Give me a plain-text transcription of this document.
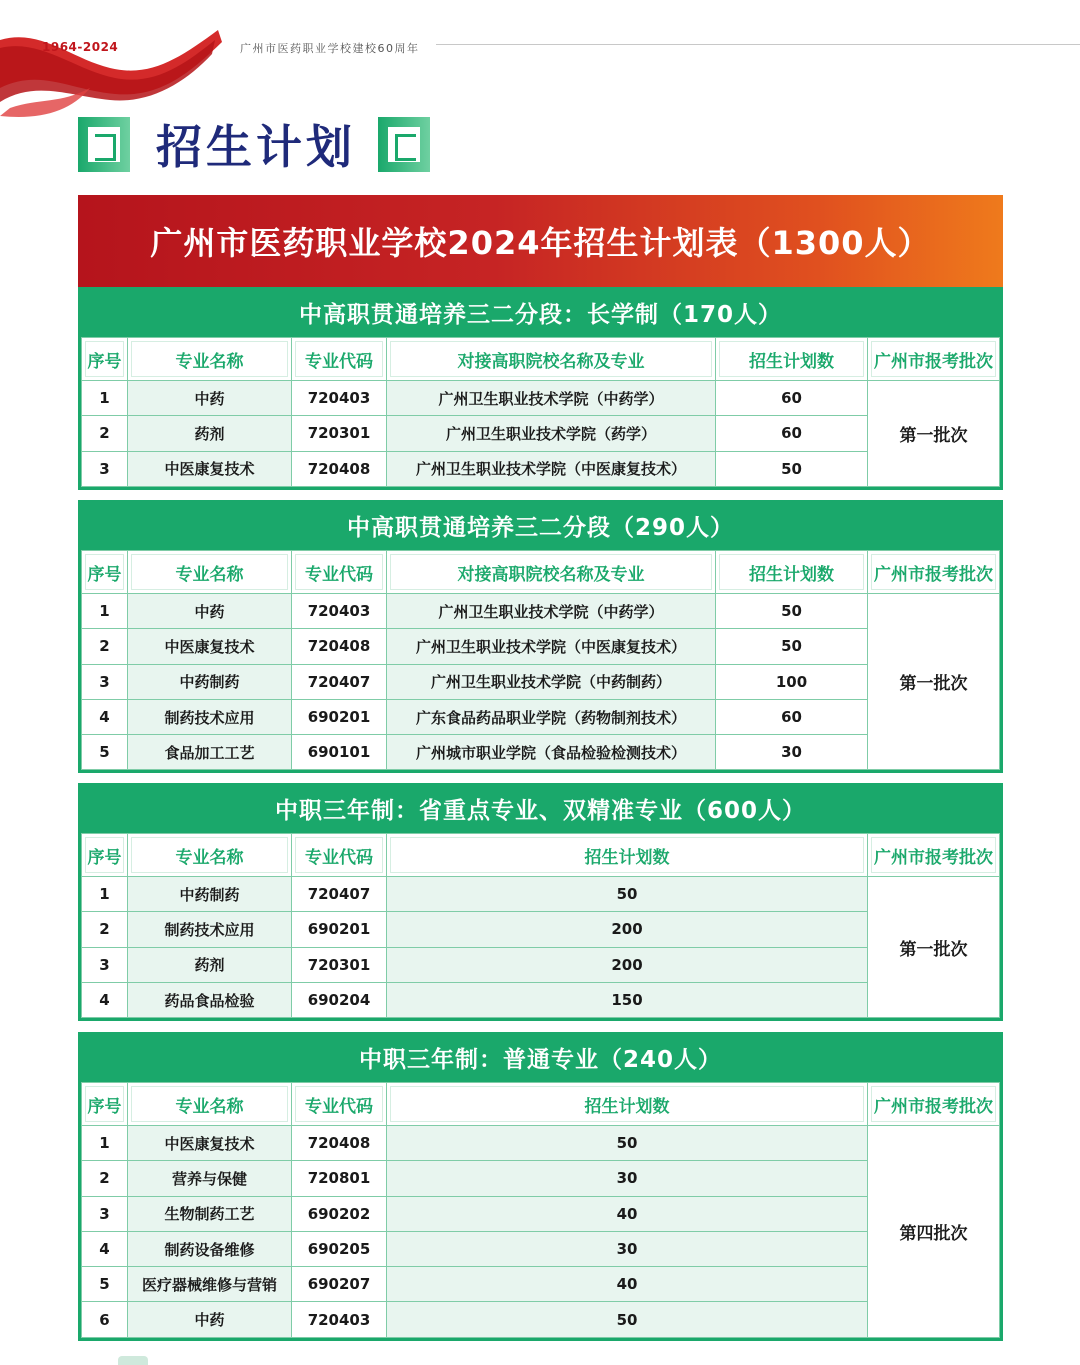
1964-2024	广州市医药职业学校建校60周年
招生计划
广州市医药职业学校2024年招生计划表（1300人）
中高职贯通培养三二分段：长学制（170人）
序号	专业名称	专业代码	对接高职院校名称及专业	招生计划数	广州市报考批次
1	中药	720403	广州卫生职业技术学院（中药学）	60
第一批次
2	药剂	720301	广州卫生职业技术学院（药学）	60
3	中医康复技术	720408	广州卫生职业技术学院（中医康复技术）	50
中高职贯通培养三二分段（290人）
序号	专业名称	专业代码	对接高职院校名称及专业	招生计划数	广州市报考批次
1	中药	720403	广州卫生职业技术学院（中药学）	50
第一批次
2	中医康复技术	720408	广州卫生职业技术学院（中医康复技术）	50
3	中药制药	720407	广州卫生职业技术学院（中药制药）	100
4	制药技术应用	690201	广东食品药品职业学院（药物制剂技术）	60
5	食品加工工艺	690101	广州城市职业学院（食品检验检测技术）	30
中职三年制：省重点专业、双精准专业（600人）
序号	专业名称	专业代码	招生计划数	广州市报考批次
1	中药制药	720407	50
第一批次
2	制药技术应用	690201	200
3	药剂	720301	200
4	药品食品检验	690204	150
中职三年制：普通专业（240人）
序号	专业名称	专业代码	招生计划数	广州市报考批次
1	中医康复技术	720408	50
第四批次
2	营养与保健	720801	30
3	生物制药工艺	690202	40
4	制药设备维修	690205	30
5	医疗器械维修与营销	690207	40
6	中药	720403	50
